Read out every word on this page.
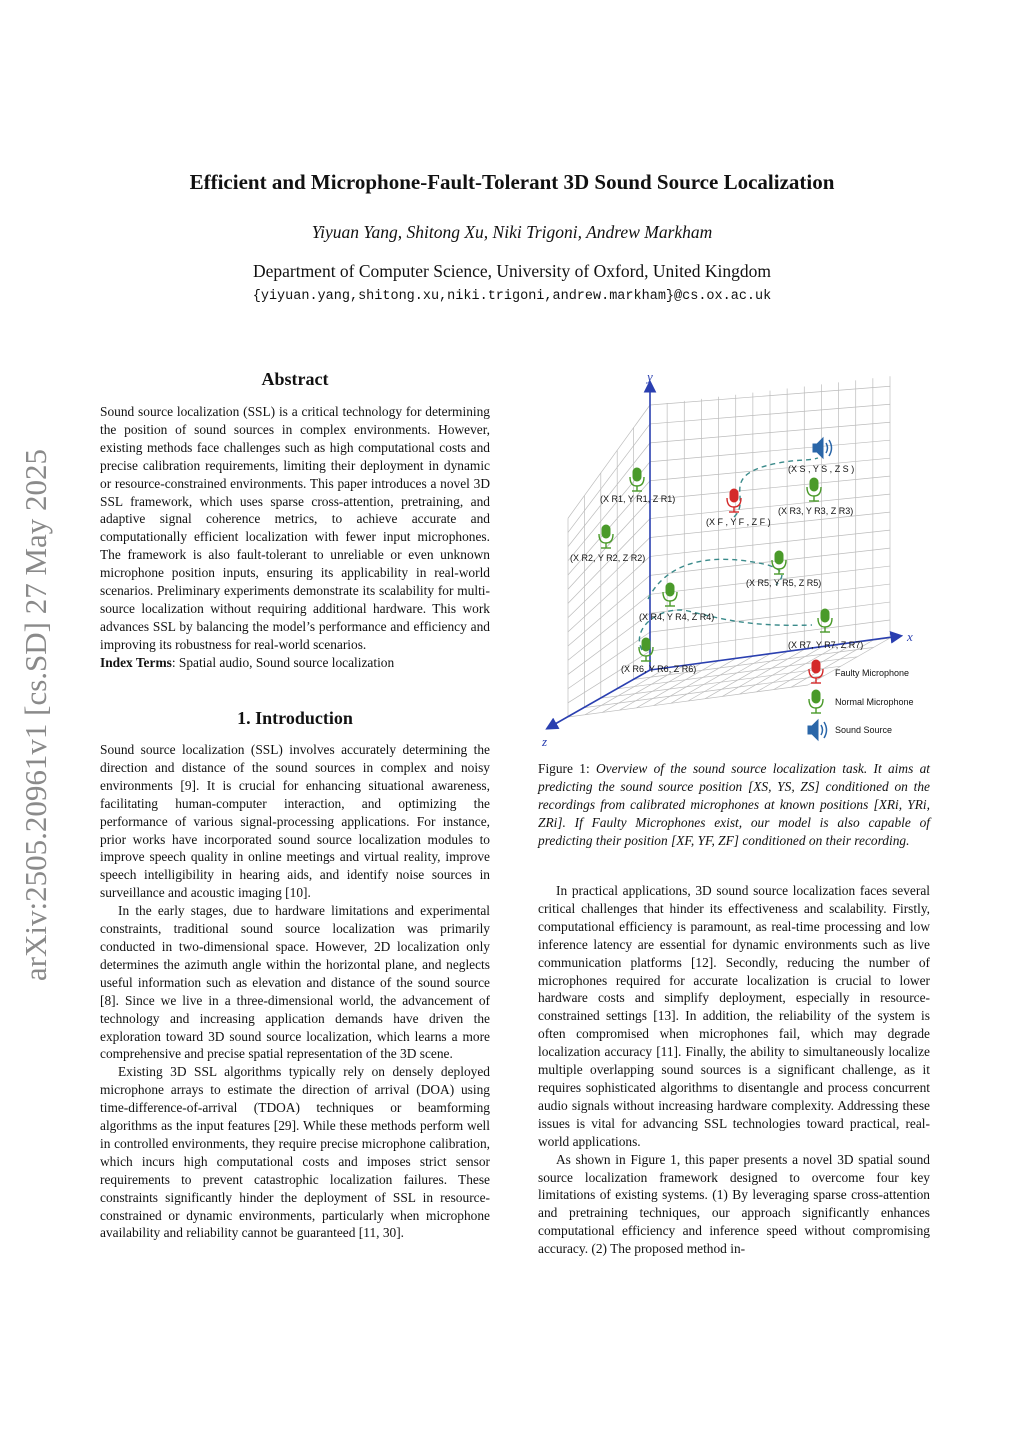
Efficient and Microphone-Fault-Tolerant 3D Sound Source Localization
Yiyuan Yang, Shitong Xu, Niki Trigoni, Andrew Markham
Department of Computer Science, University of Oxford, United Kingdom
{yiyuan.yang,shitong.xu,niki.trigoni,andrew.markham}@cs.ox.ac.uk
arXiv:2505.20961v1 [cs.SD] 27 May 2025
Abstract

Sound source localization (SSL) is a critical technology for determining the position of sound sources in complex environments. However, existing methods face challenges such as high computational costs and precise calibration requirements, limiting their deployment in dynamic or resource-constrained environments. This paper introduces a novel 3D SSL framework, which uses sparse cross-attention, pretraining, and adaptive signal coherence metrics, to achieve accurate and computationally efficient localization with fewer input microphones. The framework is also fault-tolerant to unreliable or even unknown microphone position inputs, ensuring its applicability in real-world scenarios. Preliminary experiments demonstrate its scalability for multi-source localization without requiring additional hardware. This work advances SSL by balancing the model’s performance and efficiency and improving its robustness for real-world scenarios.

Index Terms: Spatial audio, Sound source localization

1. Introduction

Sound source localization (SSL) involves accurately determining the direction and distance of the sound sources in complex and noisy environments [9]. It is crucial for enhancing situational awareness, facilitating human-computer interaction, and optimizing the performance of various signal-processing applications. For instance, prior works have incorporated sound source localization modules to improve speech quality in online meetings and virtual reality, improve speech intelligibility in hearing aids, and identify noise sources in surveillance and acoustic imaging [10].

In the early stages, due to hardware limitations and experimental constraints, traditional sound source localization was primarily conducted in two-dimensional space. However, 2D localization only determines the azimuth angle within the horizontal plane, and neglects useful information such as elevation and distance of the sound source [8]. Since we live in a three-dimensional world, the advancement of technology and increasing application demands have driven the exploration toward 3D sound source localization, which learns a more comprehensive and precise spatial representation of the 3D scene.

Existing 3D SSL algorithms typically rely on densely deployed microphone arrays to estimate the direction of arrival (DOA) using time-difference-of-arrival (TDOA) techniques or beamforming algorithms as the input features [29]. While these methods perform well in controlled environments, they require precise microphone calibration, which incurs high computational costs and imposes strict sensor requirements to prevent catastrophic localization failures. These constraints significantly hinder the deployment of SSL in resource-constrained or dynamic environments, particularly when microphone availability and reliability cannot be guaranteed [11, 30].

y
x
z
(X S , Y S , Z S )
(X F , Y F , Z F )
(X R1, Y R1, Z R1)
(X R2, Y R2, Z R2)
(X R3, Y R3, Z R3)
(X R4, Y R4, Z R4)
(X R5, Y R5, Z R5)
(X R6, Y R6, Z R6)
(X R7, Y R7, Z R7)
Faulty Microphone
Normal Microphone
Sound Source
Figure 1: Overview of the sound source localization task. It aims at predicting the sound source position [XS, YS, ZS] conditioned on the recordings from calibrated microphones at known positions [XRi, YRi, ZRi]. If Faulty Microphones exist, our model is also capable of predicting their position [XF, YF, ZF] conditioned on their recording.

In practical applications, 3D sound source localization faces several critical challenges that hinder its effectiveness and scalability. Firstly, computational efficiency is paramount, as real-time processing and low inference latency are essential for dynamic environments such as live communication platforms [12]. Secondly, reducing the number of microphones required for accurate localization is crucial to lower hardware costs and simplify deployment, especially in resource-constrained settings [13]. In addition, the reliability of the system is often compromised when microphones fail, which may degrade localization accuracy [11]. Finally, the ability to simultaneously localize multiple overlapping sound sources is a significant challenge, as it requires sophisticated algorithms to disentangle and process concurrent audio signals without increasing hardware complexity. Addressing these issues is vital for advancing SSL technologies toward practical, real-world applications.

As shown in Figure 1, this paper presents a novel 3D spatial sound source localization framework designed to overcome four key limitations of existing systems. (1) By leveraging sparse cross-attention and pretraining techniques, our approach significantly enhances computational efficiency and inference speed without compromising accuracy. (2) The proposed method in-
